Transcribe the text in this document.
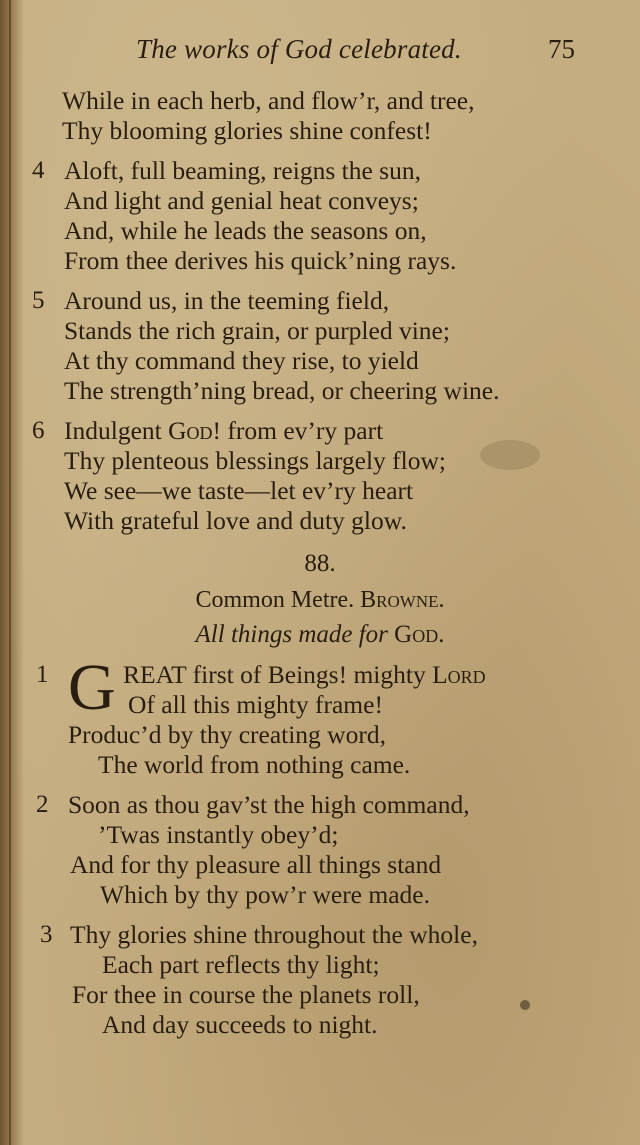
The works of God celebrated.	75
While in each herb, and flow’r, and tree,
Thy blooming glories shine confest!
4 Aloft, full beaming, reigns the sun,
And light and genial heat conveys;
And, while he leads the seasons on,
From thee derives his quick’ning rays.
5 Around us, in the teeming field,
Stands the rich grain, or purpled vine;
At thy command they rise, to yield
The strength’ning bread, or cheering wine.
6 Indulgent God! from ev’ry part
Thy plenteous blessings largely flow;
We see—we taste—let ev’ry heart
With grateful love and duty glow.
88.
Common Metre. Browne.
All things made for God.
1 G REAT first of Beings! mighty Lord
Of all this mighty frame!
Produc’d by thy creating word,
The world from nothing came.
2 Soon as thou gav’st the high command,
’Twas instantly obey’d;
And for thy pleasure all things stand
Which by thy pow’r were made.
3 Thy glories shine throughout the whole,
Each part reflects thy light;
For thee in course the planets roll,
And day succeeds to night.
